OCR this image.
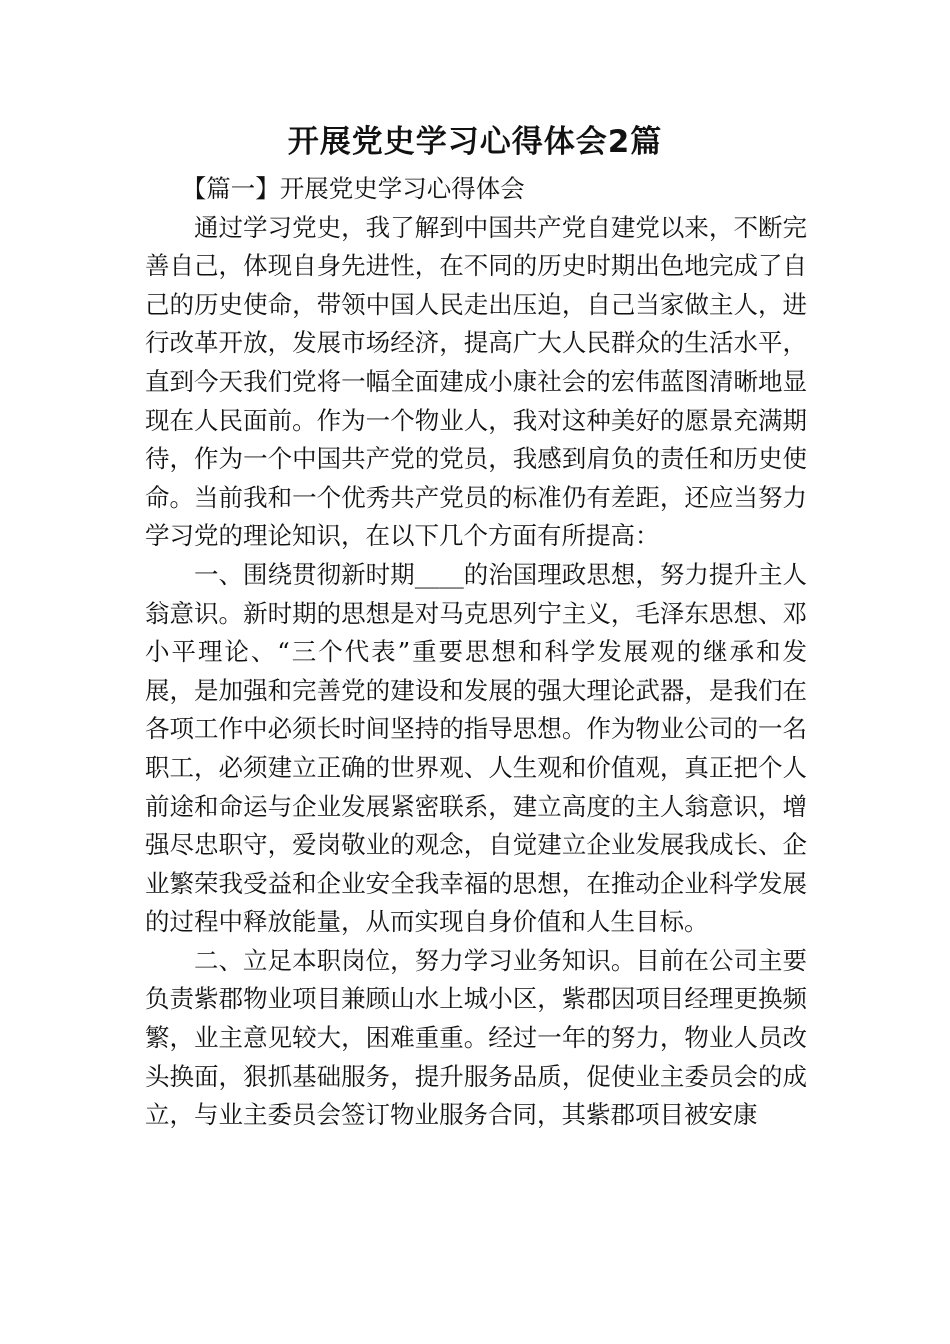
开展党史学习心得体会2篇

【篇一】开展党史学习心得体会

通过学习党史，我了解到中国共产党自建党以来，不断完善自己，体现自身先进性，在不同的历史时期出色地完成了自己的历史使命，带领中国人民走出压迫，自己当家做主人，进行改革开放，发展市场经济，提高广大人民群众的生活水平，直到今天我们党将一幅全面建成小康社会的宏伟蓝图清晰地显现在人民面前。作为一个物业人，我对这种美好的愿景充满期待，作为一个中国共产党的党员，我感到肩负的责任和历史使命。当前我和一个优秀共产党员的标准仍有差距，还应当努力学习党的理论知识，在以下几个方面有所提高：

一、围绕贯彻新时期____的治国理政思想，努力提升主人翁意识。新时期的思想是对马克思列宁主义，毛泽东思想、邓小平理论、“三个代表”重要思想和科学发展观的继承和发展，是加强和完善党的建设和发展的强大理论武器，是我们在各项工作中必须长时间坚持的指导思想。作为物业公司的一名职工，必须建立正确的世界观、人生观和价值观，真正把个人前途和命运与企业发展紧密联系，建立高度的主人翁意识，增强尽忠职守，爱岗敬业的观念，自觉建立企业发展我成长、企业繁荣我受益和企业安全我幸福的思想，在推动企业科学发展的过程中释放能量，从而实现自身价值和人生目标。

二、立足本职岗位，努力学习业务知识。目前在公司主要负责紫郡物业项目兼顾山水上城小区，紫郡因项目经理更换频繁，业主意见较大，困难重重。经过一年的努力，物业人员改头换面，狠抓基础服务，提升服务品质，促使业主委员会的成立，与业主委员会签订物业服务合同，其紫郡项目被安康
